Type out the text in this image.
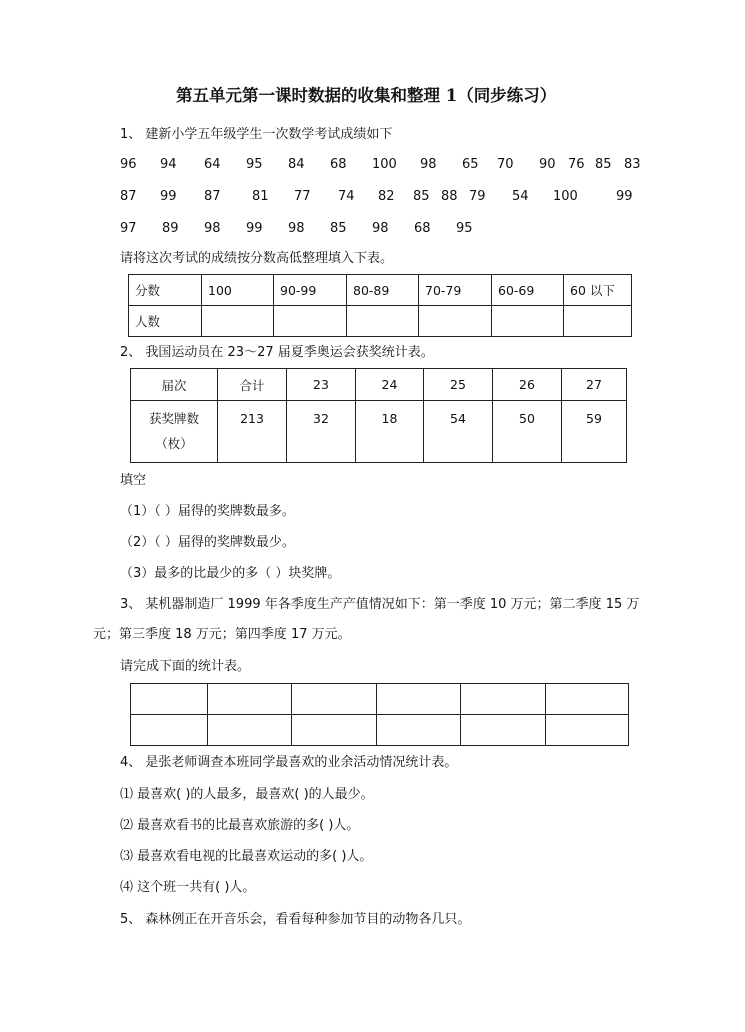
第五单元第一课时数据的收集和整理 1（同步练习）
1、 建新小学五年级学生一次数学考试成绩如下
96 94 64 95 84 68 100 98 65 70 90 76 85 83
87 99 87 81 77 74 82 85 88 79 54 100	99
97 89 98 99 98 85 98 68 95
请将这次考试的成绩按分数高低整理填入下表。
分数	100	90-99	80-89	70-79	60-69	60 以下
人数						
2、 我国运动员在 23～27 届夏季奥运会获奖统计表。
届次	合计	23	24	25	26	27

获奖牌数
（枚）	213	32	18	54	50	59
填空
（1）（ ）届得的奖牌数最多。
（2）（ ）届得的奖牌数最少。
（3）最多的比最少的多（ ）块奖牌。
3、 某机器制造厂 1999 年各季度生产产值情况如下：第一季度 10 万元；第二季度 15 万
元；第三季度 18 万元；第四季度 17 万元。
请完成下面的统计表。

4、 是张老师调查本班同学最喜欢的业余活动情况统计表。
⑴ 最喜欢( )的人最多，最喜欢( )的人最少。
⑵ 最喜欢看书的比最喜欢旅游的多( )人。
⑶ 最喜欢看电视的比最喜欢运动的多( )人。
⑷ 这个班一共有( )人。
5、 森林例正在开音乐会，看看每种参加节目的动物各几只。
